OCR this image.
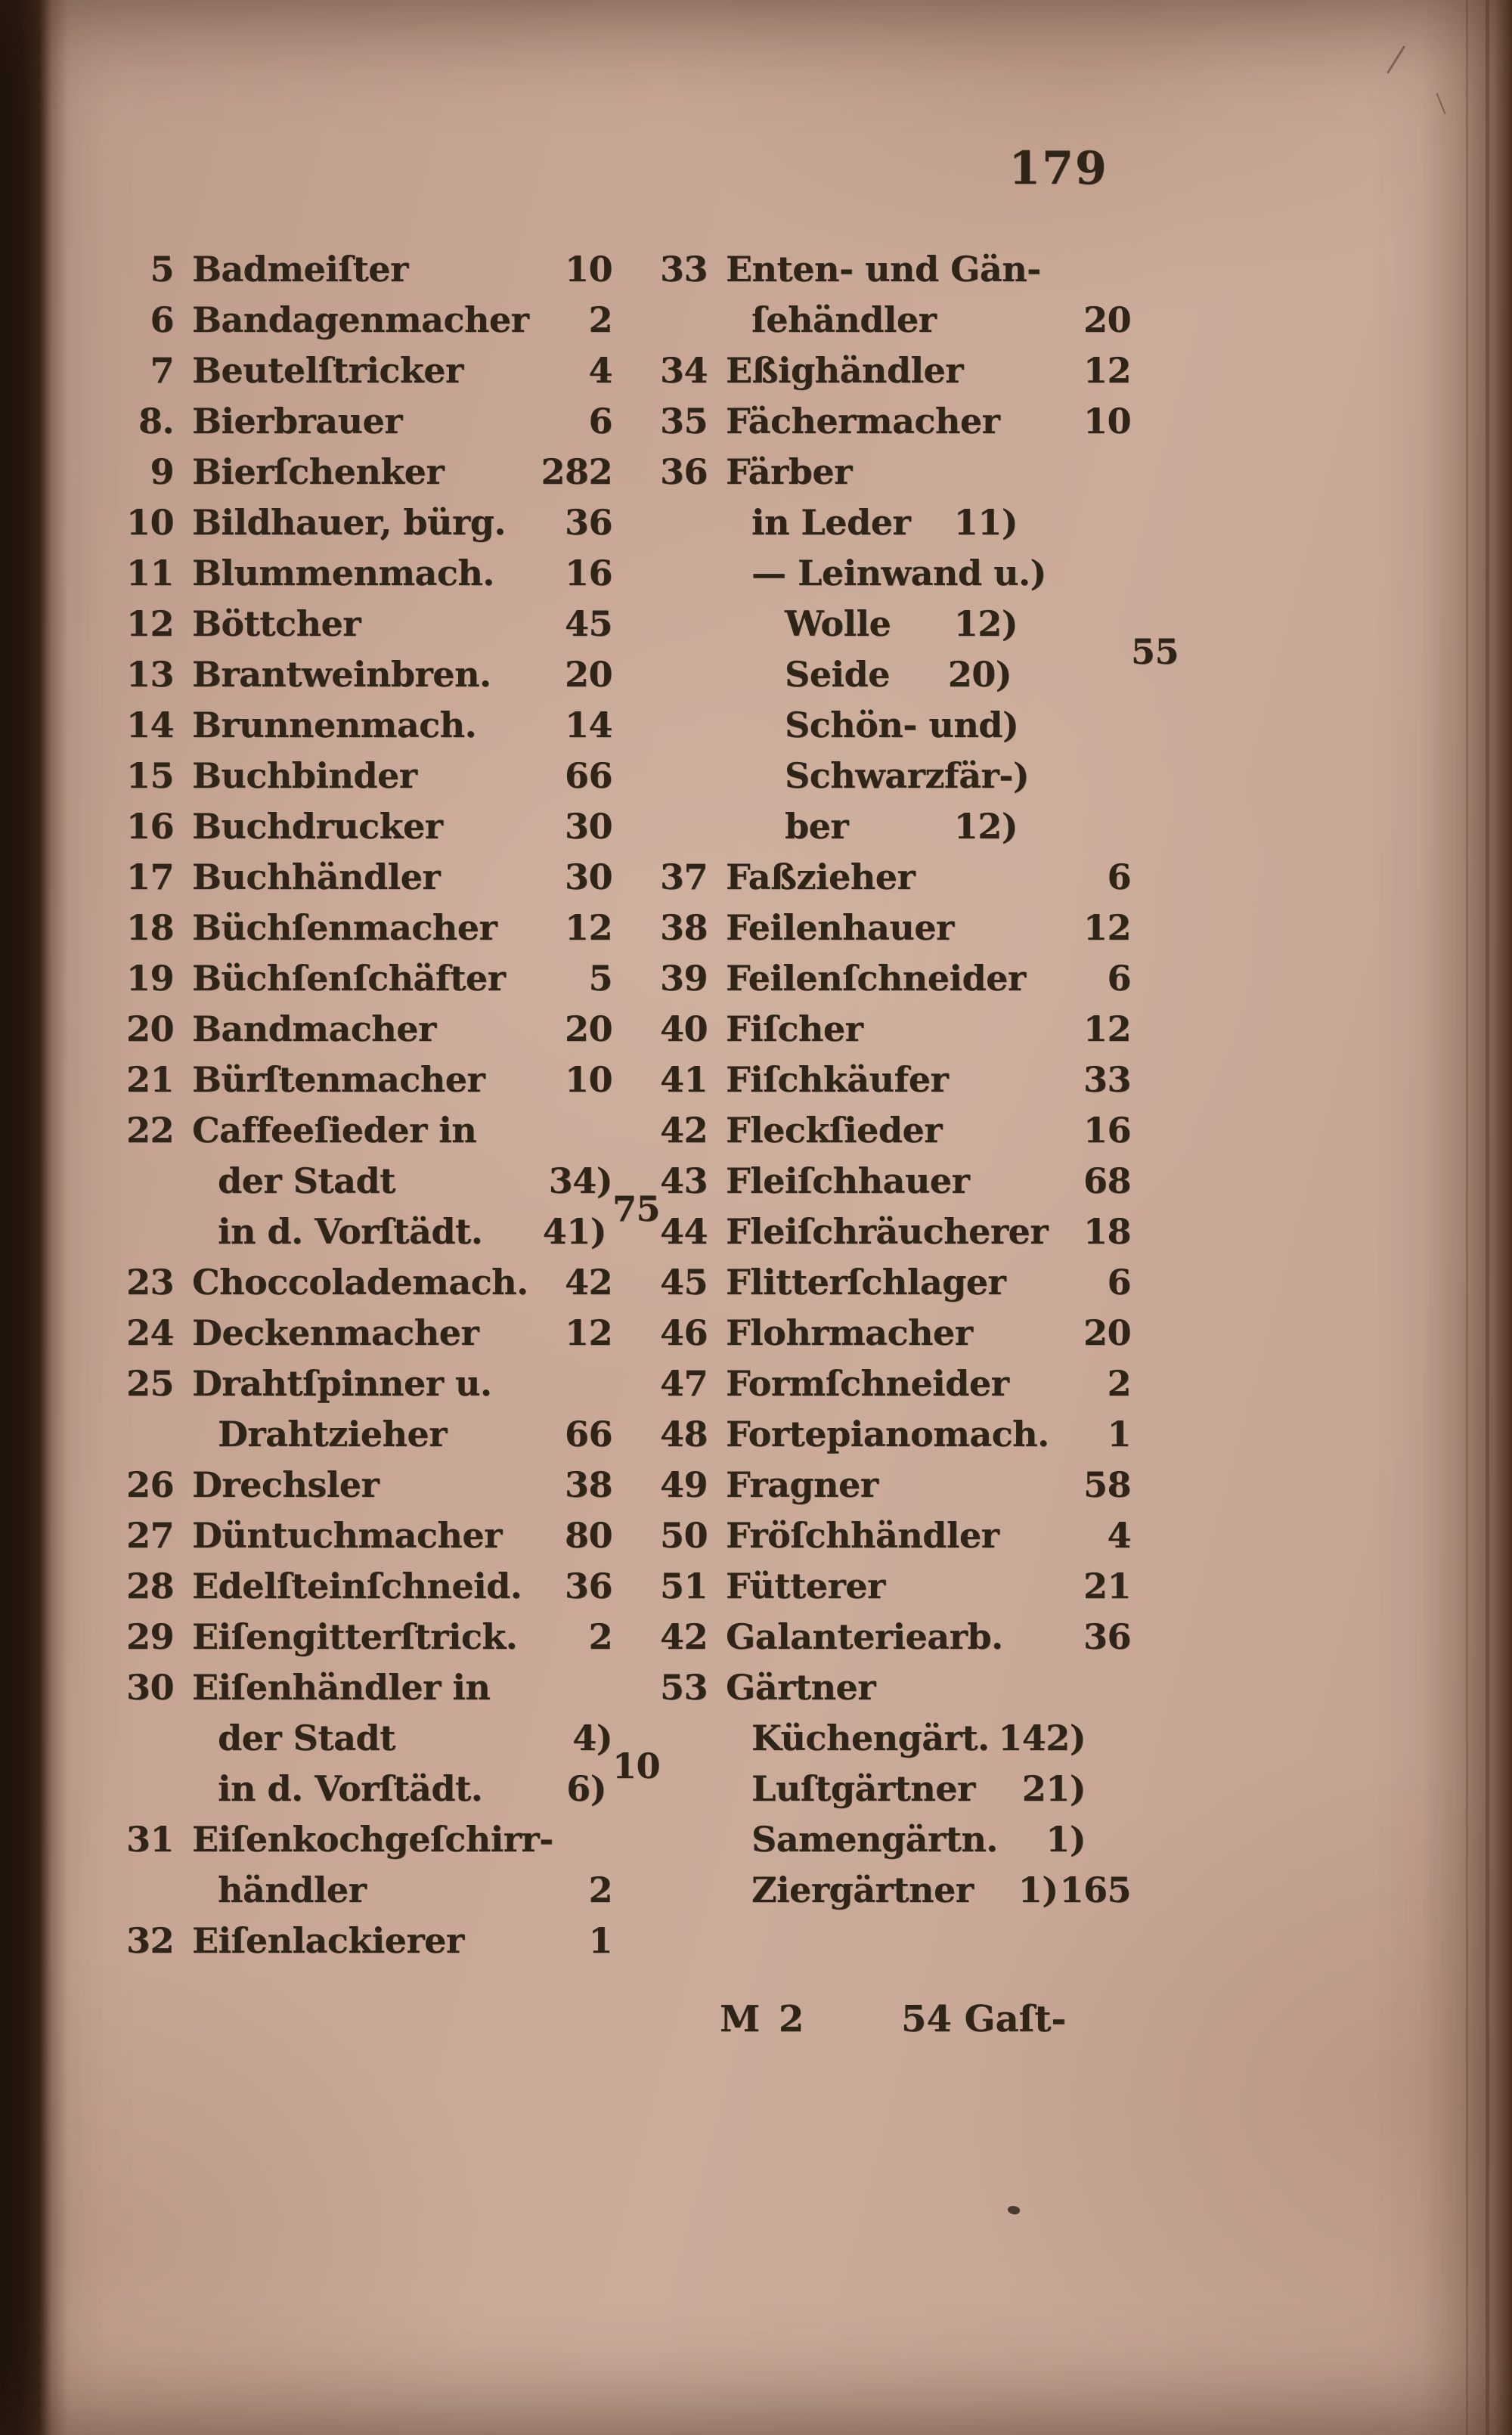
179
5 Badmeiſter	10
6 Bandagenmacher 2
7 Beutelſtricker	4
8. Bierbrauer	6
9 Bierſchenker	282
10 Bildhauer, bürg. 36
11 Blummenmach. 16
12 Böttcher	45
13 Brantweinbren. 20
14 Brunnenmach.	14
15 Buchbinder	66
16 Buchdrucker	30
17 Buchhändler	30
18 Büchſenmacher 12
19 Büchſenſchäfter 5
20 Bandmacher	20
21 Bürſtenmacher 10
22 Caffeeſieder in
der Stadt	34)
in d. Vorſtädt. 41)
75
23 Choccolademach. 42
24 Deckenmacher 12
25 Drahtſpinner u.
Drahtzieher	66
26 Drechsler	38
27 Düntuchmacher 80
28 Edelſteinſchneid. 36
29 Eiſengitterſtrick. 2
30 Eiſenhändler in
der Stadt	4)
in d. Vorſtädt. 6)
10
31 Eiſenkochgeſchirr-
händler	2
32 Eiſenlackierer	1
33 Enten- und Gän-
ſehändler	20
34 Eßighändler	12
35 Fächermacher 10
36 Färber
in Leder 11)
— Leinwand u. )
Wolle 12)
Seide 20)
55
Schön- und )
Schwarzfär- )
ber	12)
37 Faßzieher	6
38 Feilenhauer	12
39 Feilenſchneider 6
40 Fiſcher	12
41 Fiſchkäufer	33
42 Fleckſieder	16
43 Fleiſchhauer	68
44 Fleiſchräucherer 18
45 Flitterſchlager	6
46 Flohrmacher	20
47 Formſchneider	2
48 Fortepianomach. 1
49 Fragner	58
50 Fröſchhändler	4
51 Fütterer	21
42 Galanteriearb. 36
53 Gärtner
Küchengärt. 142)
Luſtgärtner 21)
Samengärtn. 1)
Ziergärtner 1) 165
M 2	54 Gaſt-
